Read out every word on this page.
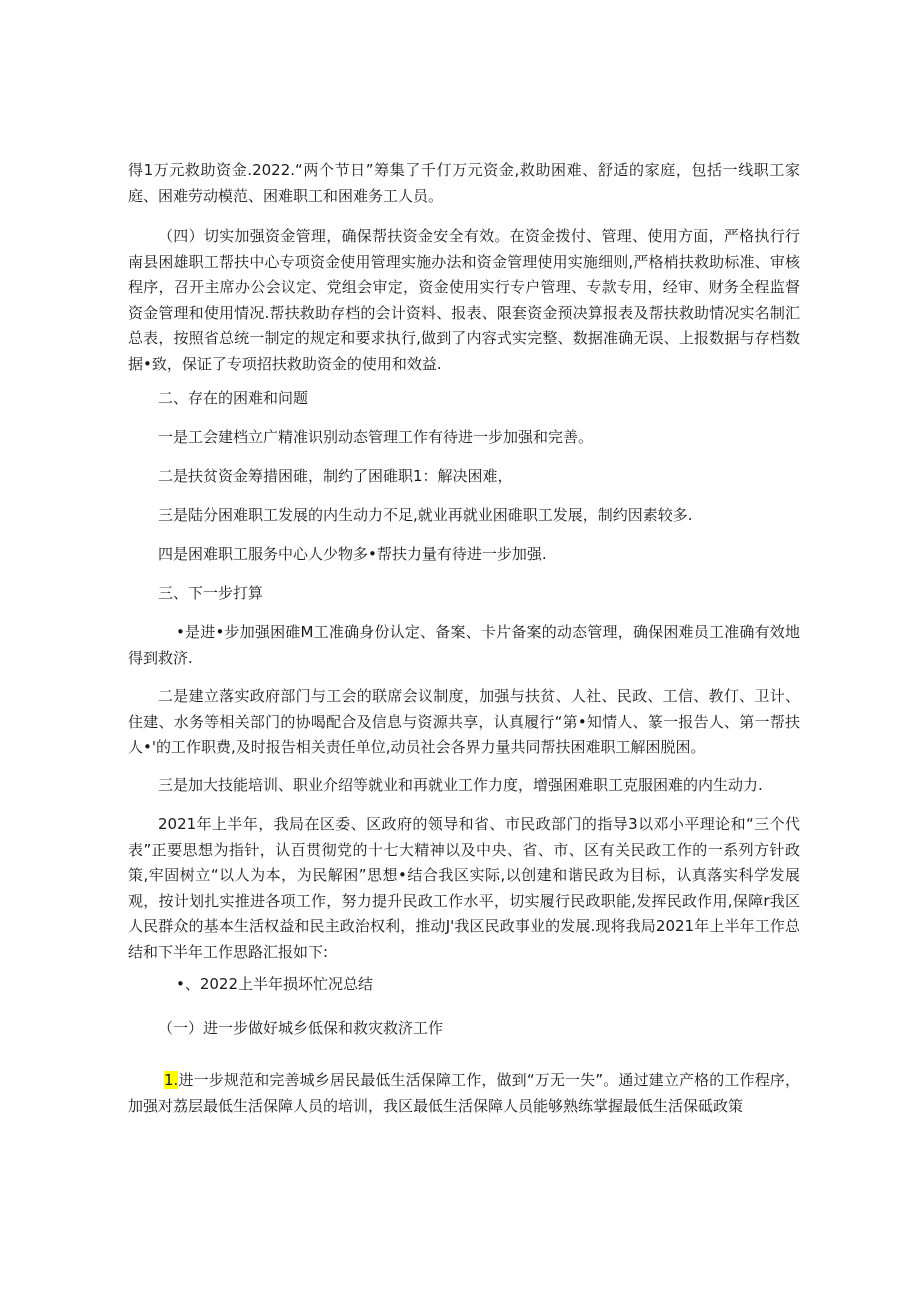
得1万元救助资金.2022.“两个节日”筹集了千仃万元资金,救助困难、舒适的家庭，包括一线职工家庭、困难劳动模范、困难职工和困难务工人员。

（四）切实加强资金管理，确保帮扶资金安全有效。在资金拨付、管理、使用方面，严格执行行南县困雄职工帮扶中心专项资金使用管理实施办法和资金管理使用实施细则,严格梢扶救助标准、审核程序，召开主席办公会议定、党组会审定，资金使用实行专户管理、专款专用，经审、财务全程监督资金管理和使用情况.帮扶救助存档的会计资料、报表、限套资金预决算报表及帮扶救助情况实名制汇总表，按照省总统一制定的规定和要求执行,做到了内容式实完整、数据准确无误、上报数据与存档数据•致，保证了专项招扶救助资金的使用和效益.

二、存在的困难和问题

一是工会建档立广精准识别动态管理工作有待进一步加强和完善。

二是扶贫资金筹措困碓，制约了困碓职1：解决困难，

三是陆分困难职工发展的内生动力不足,就业再就业困碓职工发展，制约因素较多.

四是困难职工服务中心人少物多•帮扶力量有待进一步加强.

三、下一步打算

•是进•步加强困碓M工准确身份认定、备案、卡片备案的动态管理，确保困难员工准确有效地得到救济.

二是建立落实政府部门与工会的联席会议制度，加强与扶贫、人社、民政、工信、教仃、卫计、住建、水务等相关部门的协喝配合及信息与资源共享，认真履行“第•知情人、篆一报告人、第一帮扶人•'的工作职费,及时报告相关责任单位,动员社会各界力量共同帮扶困难职工解困脱困。

三是加大技能培训、职业介绍等就业和再就业工作力度，增强困难职工克服困难的内生动力.

2021年上半年，我局在区委、区政府的领导和省、市民政部门的指导3以邓小平理论和“三个代表”正要思想为指针，认百贯彻党的十七大精神以及中央、省、市、区有关民政工作的一系列方针政策,牢固树立“以人为本，为民解困”思想•结合我区实际,以创建和谐民政为目标，认真落实科学发展观，按计划扎实推进各项工作，努力提升民政工作水平，切实履行民政职能,发挥民政作用,保障r我区人民群众的基本生活权益和民主政治权利，推动J'我区民政事业的发展.现将我局2021年上半年工作总结和下半年工作思路汇报如下:

•、2022上半年损坏忙况总结

（一）进一步做好城乡低保和救灾救济工作

1.进一步规范和完善城乡居民最低生活保障工作，做到“万无一失”。通过建立产格的工作程序，加强对荔层最低生活保障人员的培训，我区最低生活保障人员能够熟练掌握最低生活保砥政策
